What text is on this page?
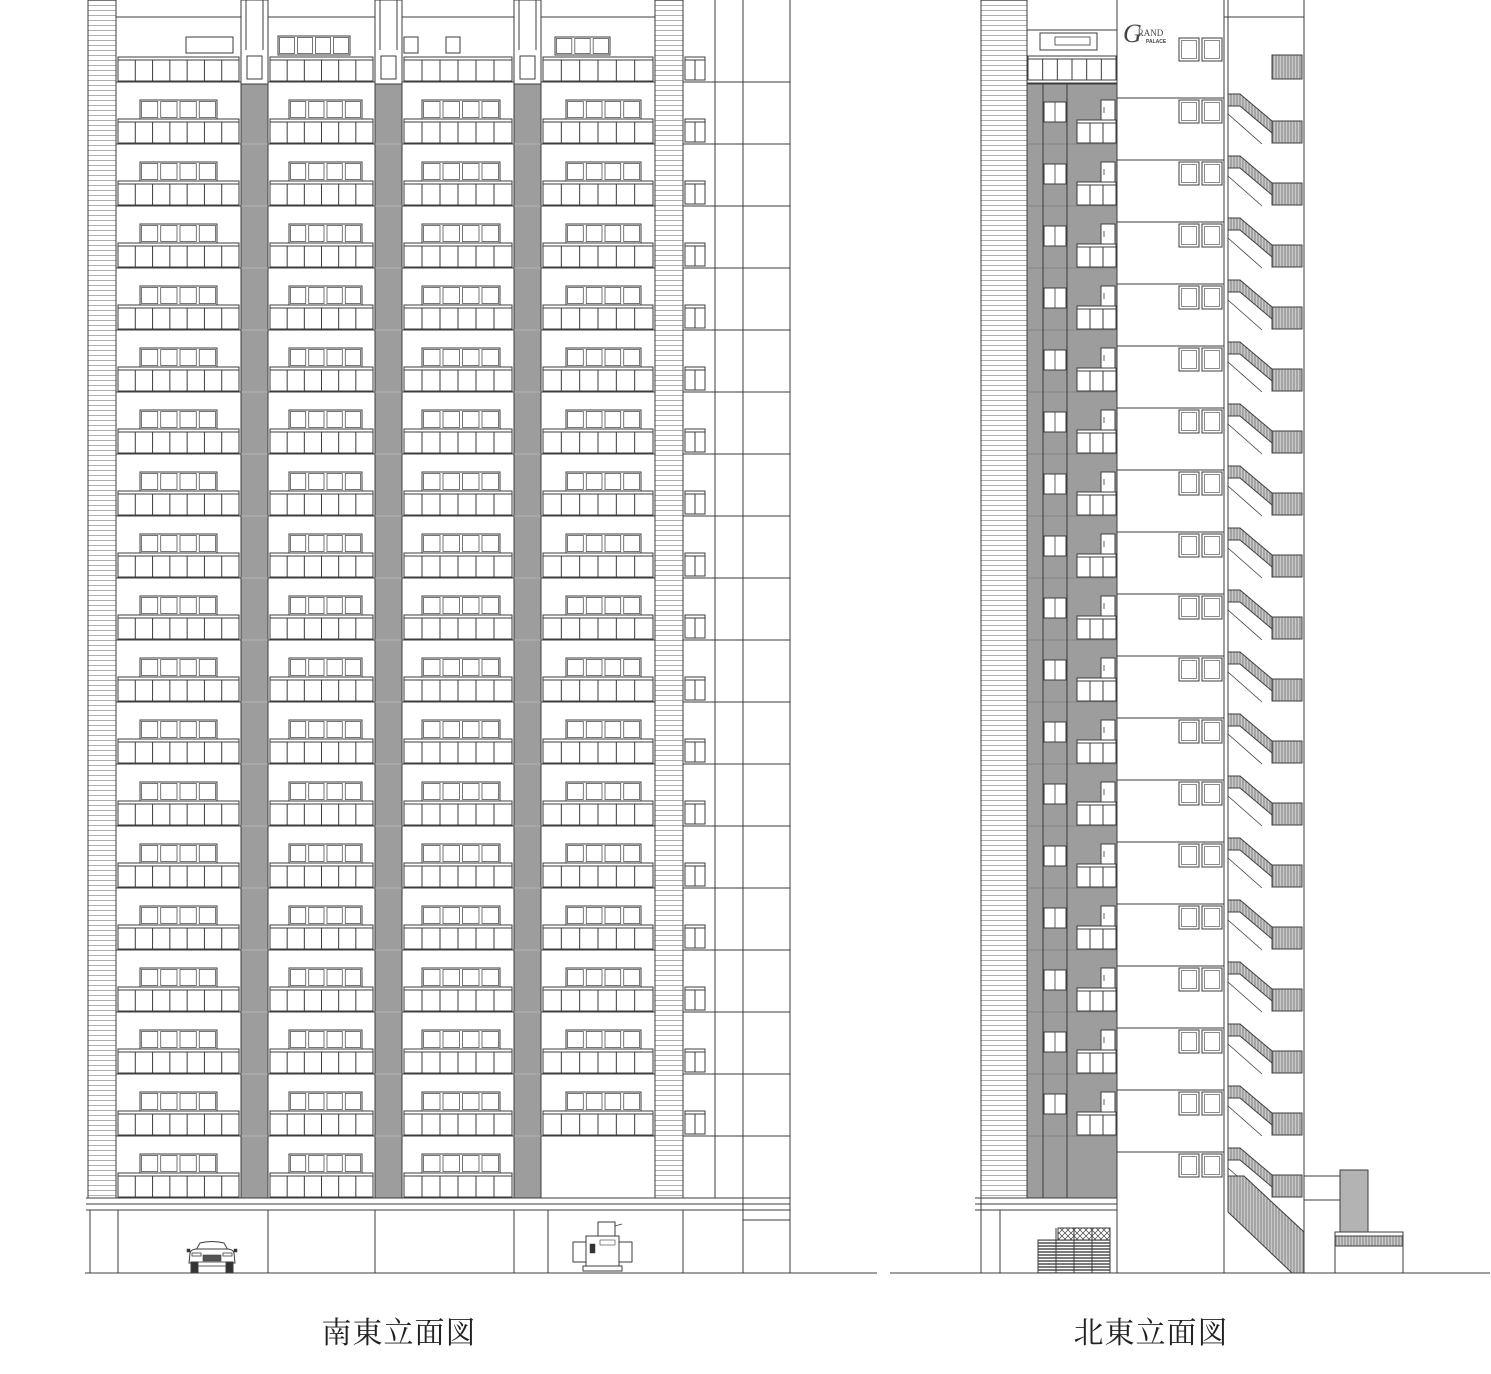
GRAND
PALACE
南東立面図	北東立面図
